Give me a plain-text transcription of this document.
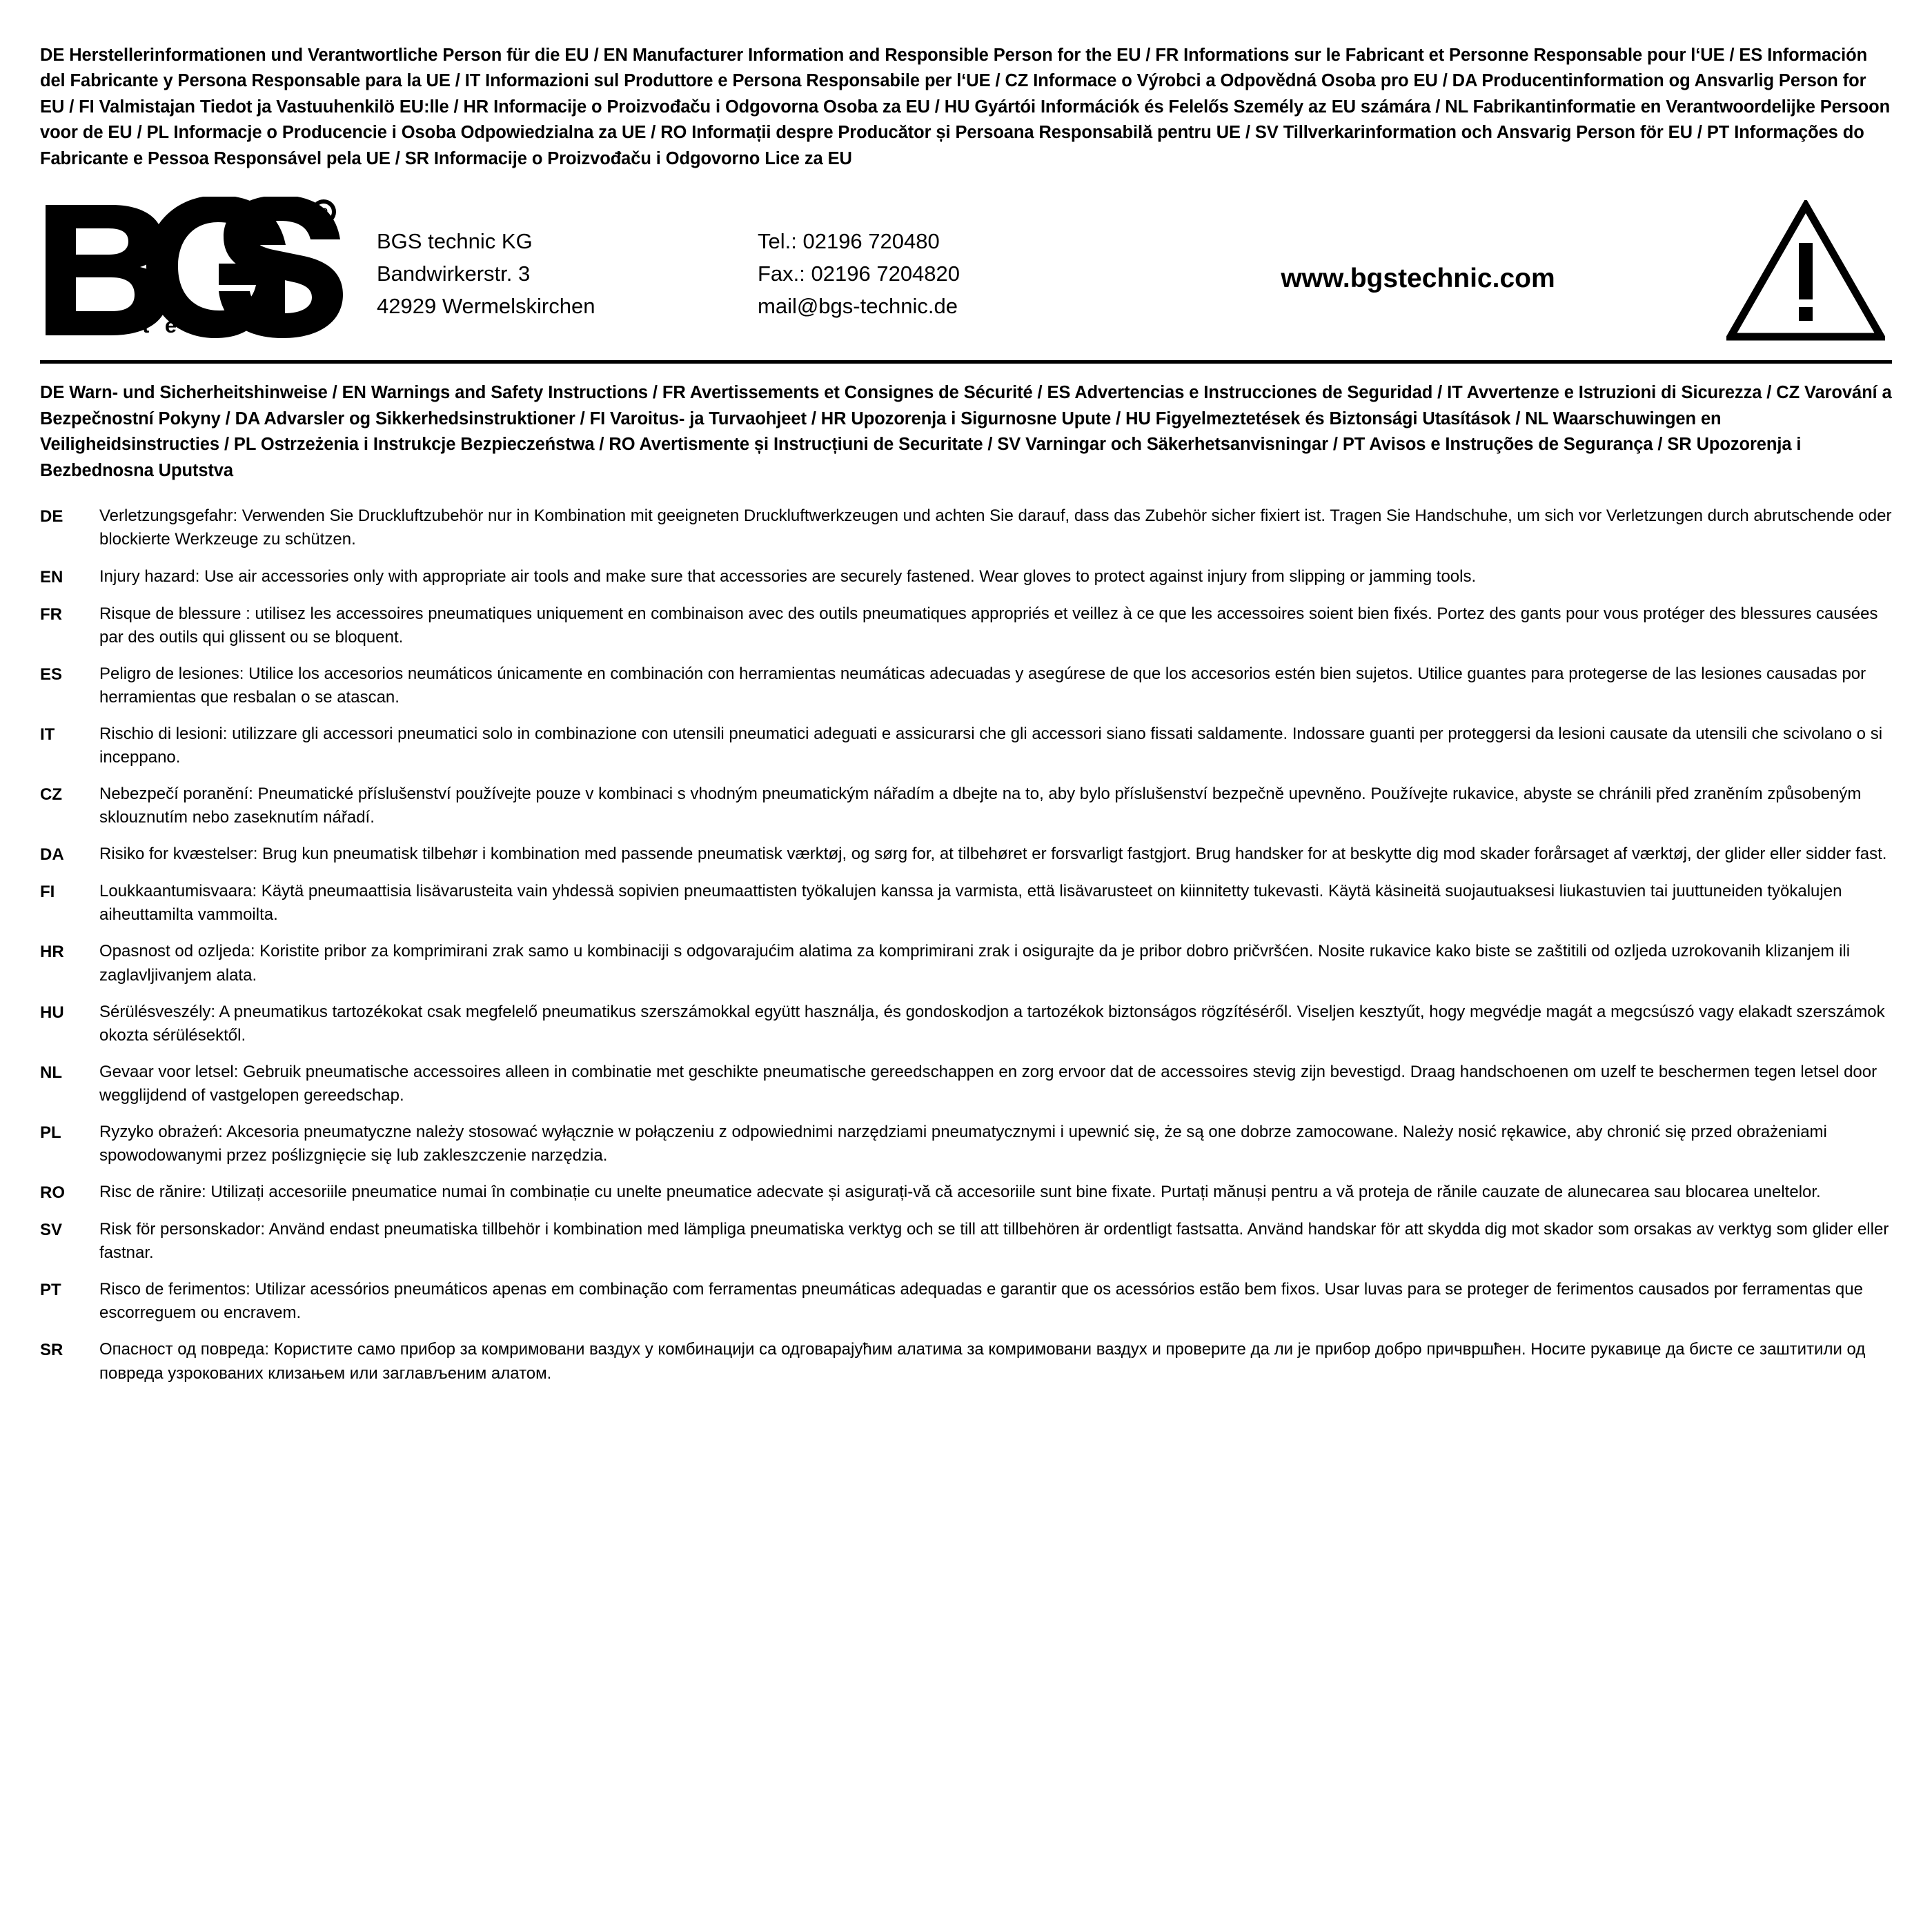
DE Herstellerinformationen und Verantwortliche Person für die EU / EN Manufacturer Information and Responsible Person for the EU / FR Informations sur le Fabricant et Personne Responsable pour l‘UE / ES Información del Fabricante y Persona Responsable para la UE / IT Informazioni sul Produttore e Persona Responsabile per l‘UE / CZ Informace o Výrobci a Odpovědná Osoba pro EU / DA Producentinformation og Ansvarlig Person for EU / FI Valmistajan Tiedot ja Vastuuhenkilö EU:lle / HR Informacije o Proizvođaču i Odgovorna Osoba za EU / HU Gyártói Információk és Felelős Személy az EU számára / NL Fabrikantinformatie en Verantwoordelijke Persoon voor de EU / PL Informacje o Producencie i Osoba Odpowiedzialna za UE / RO Informații despre Producător și Persoana Responsabilă pentru UE / SV Tillverkarinformation och Ansvarig Person för EU / PT Informações do Fabricante e Pessoa Responsável pela UE / SR Informacije o Proizvođaču i Odgovorno Lice za EU
R
t e c h n i c
BGS technic KG
Bandwirkerstr. 3
42929 Wermelskirchen
Tel.: 02196 720480
Fax.: 02196 7204820
mail@bgs-technic.de
www.bgstechnic.com
DE Warn- und Sicherheitshinweise / EN Warnings and Safety Instructions / FR Avertissements et Consignes de Sécurité / ES Advertencias e Instrucciones de Seguridad / IT Avvertenze e Istruzioni di Sicurezza / CZ Varování a Bezpečnostní Pokyny / DA Advarsler og Sikkerhedsinstruktioner / FI Varoitus- ja Turvaohjeet / HR Upozorenja i Sigurnosne Upute / HU Figyelmeztetések és Biztonsági Utasítások / NL Waarschuwingen en Veiligheidsinstructies / PL Ostrzeżenia i Instrukcje Bezpieczeństwa / RO Avertismente și Instrucțiuni de Securitate / SV Varningar och Säkerhetsanvisningar / PT Avisos e Instruções de Segurança / SR Upozorenja i Bezbednosna Uputstva
DE	Verletzungsgefahr: Verwenden Sie Druckluftzubehör nur in Kombination mit geeigneten Druckluftwerkzeugen und achten Sie darauf, dass das Zubehör sicher fixiert ist. Tragen Sie Handschuhe, um sich vor Verletzungen durch abrutschende oder blockierte Werkzeuge zu schützen.
EN	Injury hazard: Use air accessories only with appropriate air tools and make sure that accessories are securely fastened. Wear gloves to protect against injury from slipping or jamming tools.
FR	Risque de blessure : utilisez les accessoires pneumatiques uniquement en combinaison avec des outils pneumatiques appropriés et veillez à ce que les accessoires soient bien fixés. Portez des gants pour vous protéger des blessures causées par des outils qui glissent ou se bloquent.
ES	Peligro de lesiones: Utilice los accesorios neumáticos únicamente en combinación con herramientas neumáticas adecuadas y asegúrese de que los accesorios estén bien sujetos. Utilice guantes para protegerse de las lesiones causadas por herramientas que resbalan o se atascan.
IT	Rischio di lesioni: utilizzare gli accessori pneumatici solo in combinazione con utensili pneumatici adeguati e assicurarsi che gli accessori siano fissati saldamente. Indossare guanti per proteggersi da lesioni causate da utensili che scivolano o si inceppano.
CZ	Nebezpečí poranění: Pneumatické příslušenství používejte pouze v kombinaci s vhodným pneumatickým nářadím a dbejte na to, aby bylo příslušenství bezpečně upevněno. Používejte rukavice, abyste se chránili před zraněním způsobeným sklouznutím nebo zaseknutím nářadí.
DA	Risiko for kvæstelser: Brug kun pneumatisk tilbehør i kombination med passende pneumatisk værktøj, og sørg for, at tilbehøret er forsvarligt fastgjort. Brug handsker for at beskytte dig mod skader forårsaget af værktøj, der glider eller sidder fast.
FI	Loukkaantumisvaara: Käytä pneumaattisia lisävarusteita vain yhdessä sopivien pneumaattisten työkalujen kanssa ja varmista, että lisävarusteet on kiinnitetty tukevasti. Käytä käsineitä suojautuaksesi liukastuvien tai juuttuneiden työkalujen aiheuttamilta vammoilta.
HR	Opasnost od ozljeda: Koristite pribor za komprimirani zrak samo u kombinaciji s odgovarajućim alatima za komprimirani zrak i osigurajte da je pribor dobro pričvršćen. Nosite rukavice kako biste se zaštitili od ozljeda uzrokovanih klizanjem ili zaglavljivanjem alata.
HU	Sérülésveszély: A pneumatikus tartozékokat csak megfelelő pneumatikus szerszámokkal együtt használja, és gondoskodjon a tartozékok biztonságos rögzítéséről. Viseljen kesztyűt, hogy megvédje magát a megcsúszó vagy elakadt szerszámok okozta sérülésektől.
NL	Gevaar voor letsel: Gebruik pneumatische accessoires alleen in combinatie met geschikte pneumatische gereedschappen en zorg ervoor dat de accessoires stevig zijn bevestigd. Draag handschoenen om uzelf te beschermen tegen letsel door wegglijdend of vastgelopen gereedschap.
PL	Ryzyko obrażeń: Akcesoria pneumatyczne należy stosować wyłącznie w połączeniu z odpowiednimi narzędziami pneumatycznymi i upewnić się, że są one dobrze zamocowane. Należy nosić rękawice, aby chronić się przed obrażeniami spowodowanymi przez poślizgnięcie się lub zakleszczenie narzędzia.
RO	Risc de rănire: Utilizați accesoriile pneumatice numai în combinație cu unelte pneumatice adecvate și asigurați-vă că accesoriile sunt bine fixate. Purtați mănuși pentru a vă proteja de rănile cauzate de alunecarea sau blocarea uneltelor.
SV	Risk för personskador: Använd endast pneumatiska tillbehör i kombination med lämpliga pneumatiska verktyg och se till att tillbehören är ordentligt fastsatta. Använd handskar för att skydda dig mot skador som orsakas av verktyg som glider eller fastnar.
PT	Risco de ferimentos: Utilizar acessórios pneumáticos apenas em combinação com ferramentas pneumáticas adequadas e garantir que os acessórios estão bem fixos. Usar luvas para se proteger de ferimentos causados por ferramentas que escorreguem ou encravem.
SR	Опасност од повреда: Користите само прибор за комримовани ваздух у комбинацији са одговарајућим алатима за комримовани ваздух и проверите да ли је прибор добро причвршћен. Носите рукавице да бисте се заштитили од повреда узрокованих клизањем или заглављеним алатом.
